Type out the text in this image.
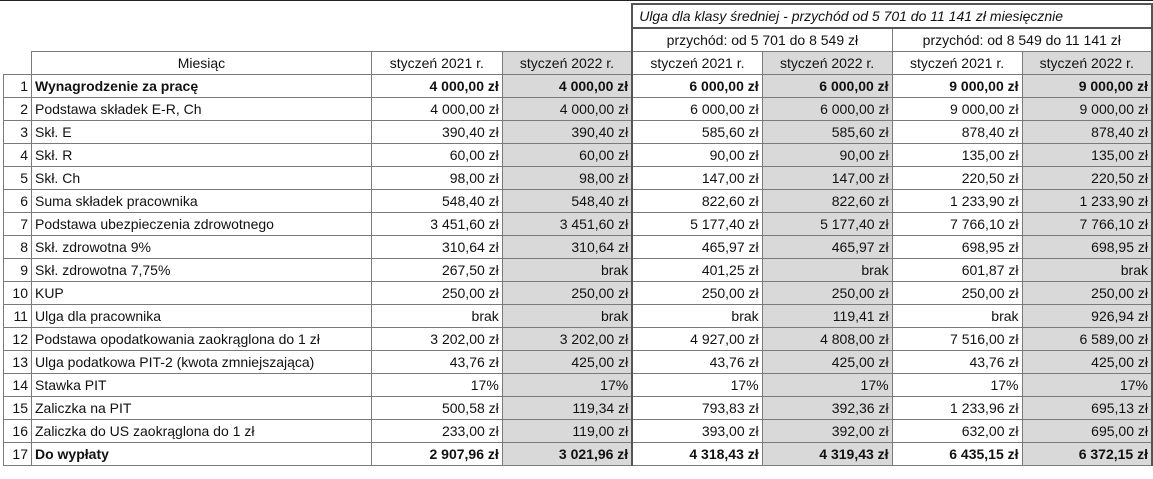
				Ulga dla klasy średniej - przychód od 5 701 do 11 141 zł miesięcznie			
				przychód: od 5 701 do 8 549 zł		przychód: od 8 549 do 11 141 zł	
	Miesiąc	styczeń 2021 r.	styczeń 2022 r.	styczeń 2021 r.	styczeń 2022 r.	styczeń 2021 r.	styczeń 2022 r.
1	Wynagrodzenie za pracę	4 000,00 zł	4 000,00 zł	6 000,00 zł	6 000,00 zł	9 000,00 zł	9 000,00 zł
2	Podstawa składek E-R, Ch	4 000,00 zł	4 000,00 zł	6 000,00 zł	6 000,00 zł	9 000,00 zł	9 000,00 zł
3	Skł. E	390,40 zł	390,40 zł	585,60 zł	585,60 zł	878,40 zł	878,40 zł
4	Skł. R	60,00 zł	60,00 zł	90,00 zł	90,00 zł	135,00 zł	135,00 zł
5	Skł. Ch	98,00 zł	98,00 zł	147,00 zł	147,00 zł	220,50 zł	220,50 zł
6	Suma składek pracownika	548,40 zł	548,40 zł	822,60 zł	822,60 zł	1 233,90 zł	1 233,90 zł
7	Podstawa ubezpieczenia zdrowotnego	3 451,60 zł	3 451,60 zł	5 177,40 zł	5 177,40 zł	7 766,10 zł	7 766,10 zł
8	Skł. zdrowotna 9%	310,64 zł	310,64 zł	465,97 zł	465,97 zł	698,95 zł	698,95 zł
9	Skł. zdrowotna 7,75%	267,50 zł	brak	401,25 zł	brak	601,87 zł	brak
10	KUP	250,00 zł	250,00 zł	250,00 zł	250,00 zł	250,00 zł	250,00 zł
11	Ulga dla pracownika	brak	brak	brak	119,41 zł	brak	926,94 zł
12	Podstawa opodatkowania zaokrąglona do 1 zł	3 202,00 zł	3 202,00 zł	4 927,00 zł	4 808,00 zł	7 516,00 zł	6 589,00 zł
13	Ulga podatkowa PIT-2 (kwota zmniejszająca)	43,76 zł	425,00 zł	43,76 zł	425,00 zł	43,76 zł	425,00 zł
14	Stawka PIT	17%	17%	17%	17%	17%	17%
15	Zaliczka na PIT	500,58 zł	119,34 zł	793,83 zł	392,36 zł	1 233,96 zł	695,13 zł
16	Zaliczka do US zaokrąglona do 1 zł	233,00 zł	119,00 zł	393,00 zł	392,00 zł	632,00 zł	695,00 zł
17	Do wypłaty	2 907,96 zł	3 021,96 zł	4 318,43 zł	4 319,43 zł	6 435,15 zł	6 372,15 zł
